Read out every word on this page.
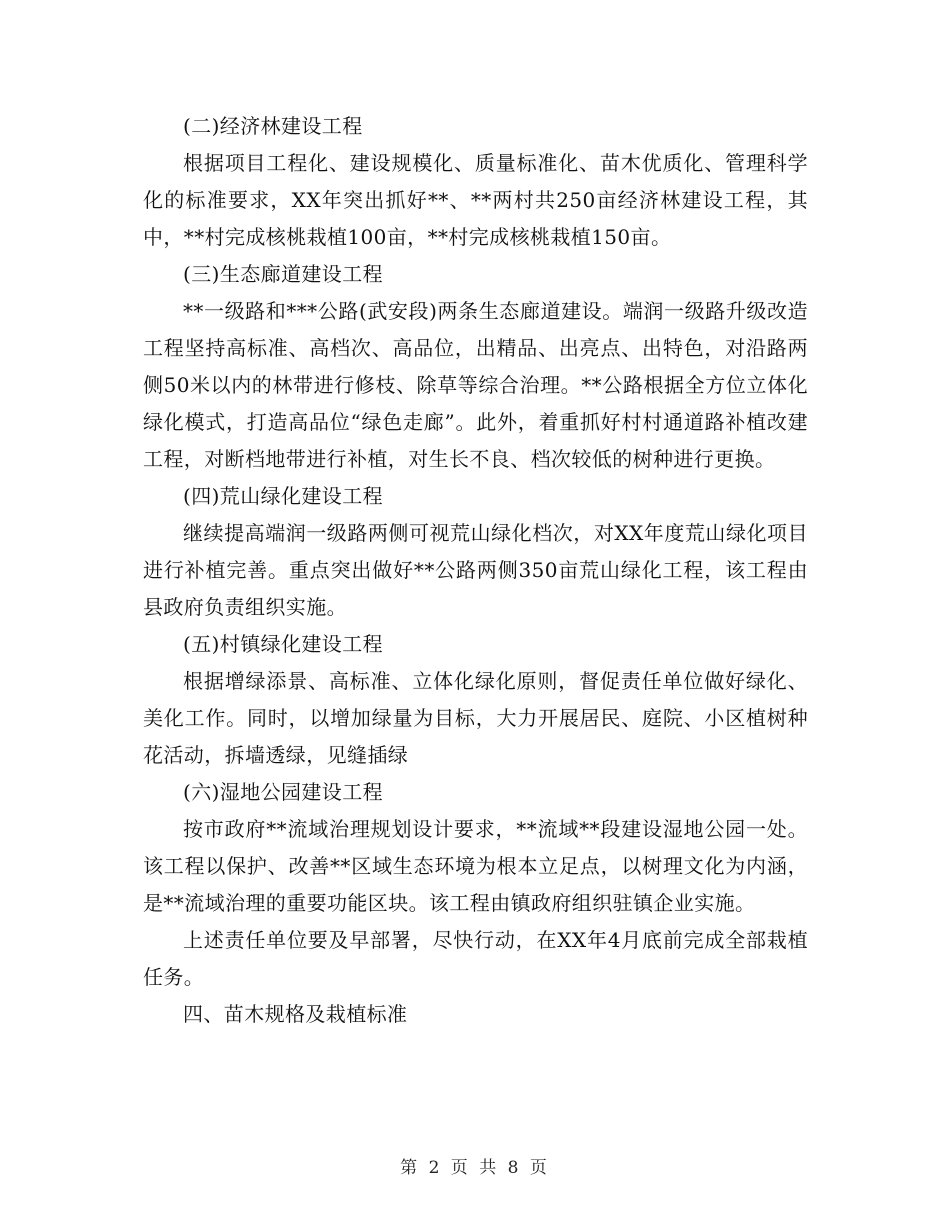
(二)经济林建设工程

根据项目工程化、建设规模化、质量标准化、苗木优质化、管理科学化的标准要求，XX年突出抓好**、**两村共250亩经济林建设工程，其中，**村完成核桃栽植100亩，**村完成核桃栽植150亩。

(三)生态廊道建设工程

**一级路和***公路(武安段)两条生态廊道建设。端润一级路升级改造工程坚持高标准、高档次、高品位，出精品、出亮点、出特色，对沿路两侧50米以内的林带进行修枝、除草等综合治理。**公路根据全方位立体化绿化模式，打造高品位“绿色走廊”。此外，着重抓好村村通道路补植改建工程，对断档地带进行补植，对生长不良、档次较低的树种进行更换。

(四)荒山绿化建设工程

继续提高端润一级路两侧可视荒山绿化档次，对XX年度荒山绿化项目进行补植完善。重点突出做好**公路两侧350亩荒山绿化工程，该工程由县政府负责组织实施。

(五)村镇绿化建设工程

根据增绿添景、高标准、立体化绿化原则，督促责任单位做好绿化、美化工作。同时，以增加绿量为目标，大力开展居民、庭院、小区植树种花活动，拆墙透绿，见缝插绿

(六)湿地公园建设工程

按市政府**流域治理规划设计要求，**流域**段建设湿地公园一处。该工程以保护、改善**区域生态环境为根本立足点，以树理文化为内涵，是**流域治理的重要功能区块。该工程由镇政府组织驻镇企业实施。

上述责任单位要及早部署，尽快行动，在XX年4月底前完成全部栽植任务。

四、苗木规格及栽植标准

第 2 页 共 8 页
